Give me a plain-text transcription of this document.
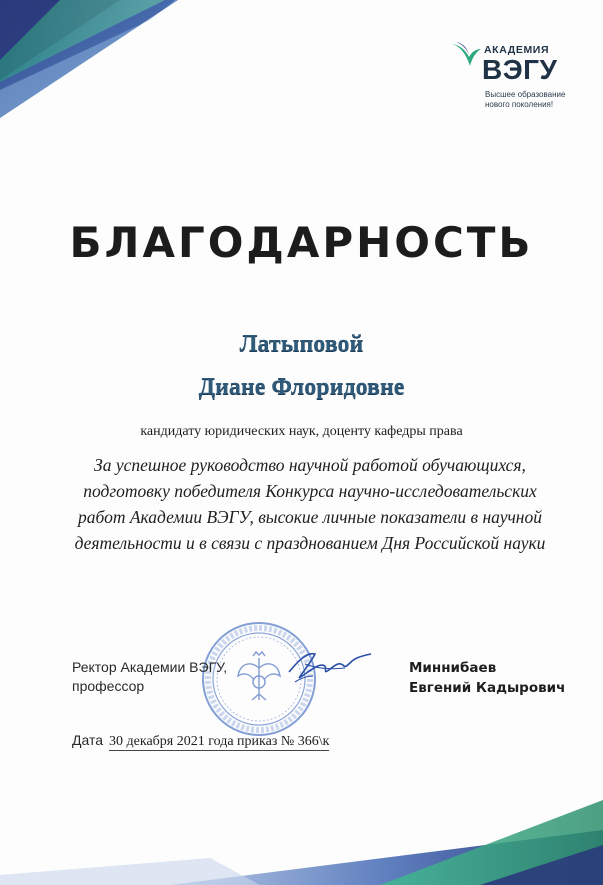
АКАДЕМИЯ
ВЭГУ
Высшее образование
нового поколения!
БЛАГОДАРНОСТЬ
Латыповой
Диане Флоридовне
кандидату юридических наук, доценту кафедры права
За успешное руководство научной работой обучающихся,
подготовку победителя Конкурса научно-исследовательских
работ Академии ВЭГУ, высокие личные показатели в научной
деятельности и в связи с празднованием Дня Российской науки
Ректор Академии ВЭГУ,
профессор
Миннибаев
Евгений Кадырович
Дата 30 декабря 2021 года приказ № 366\к
